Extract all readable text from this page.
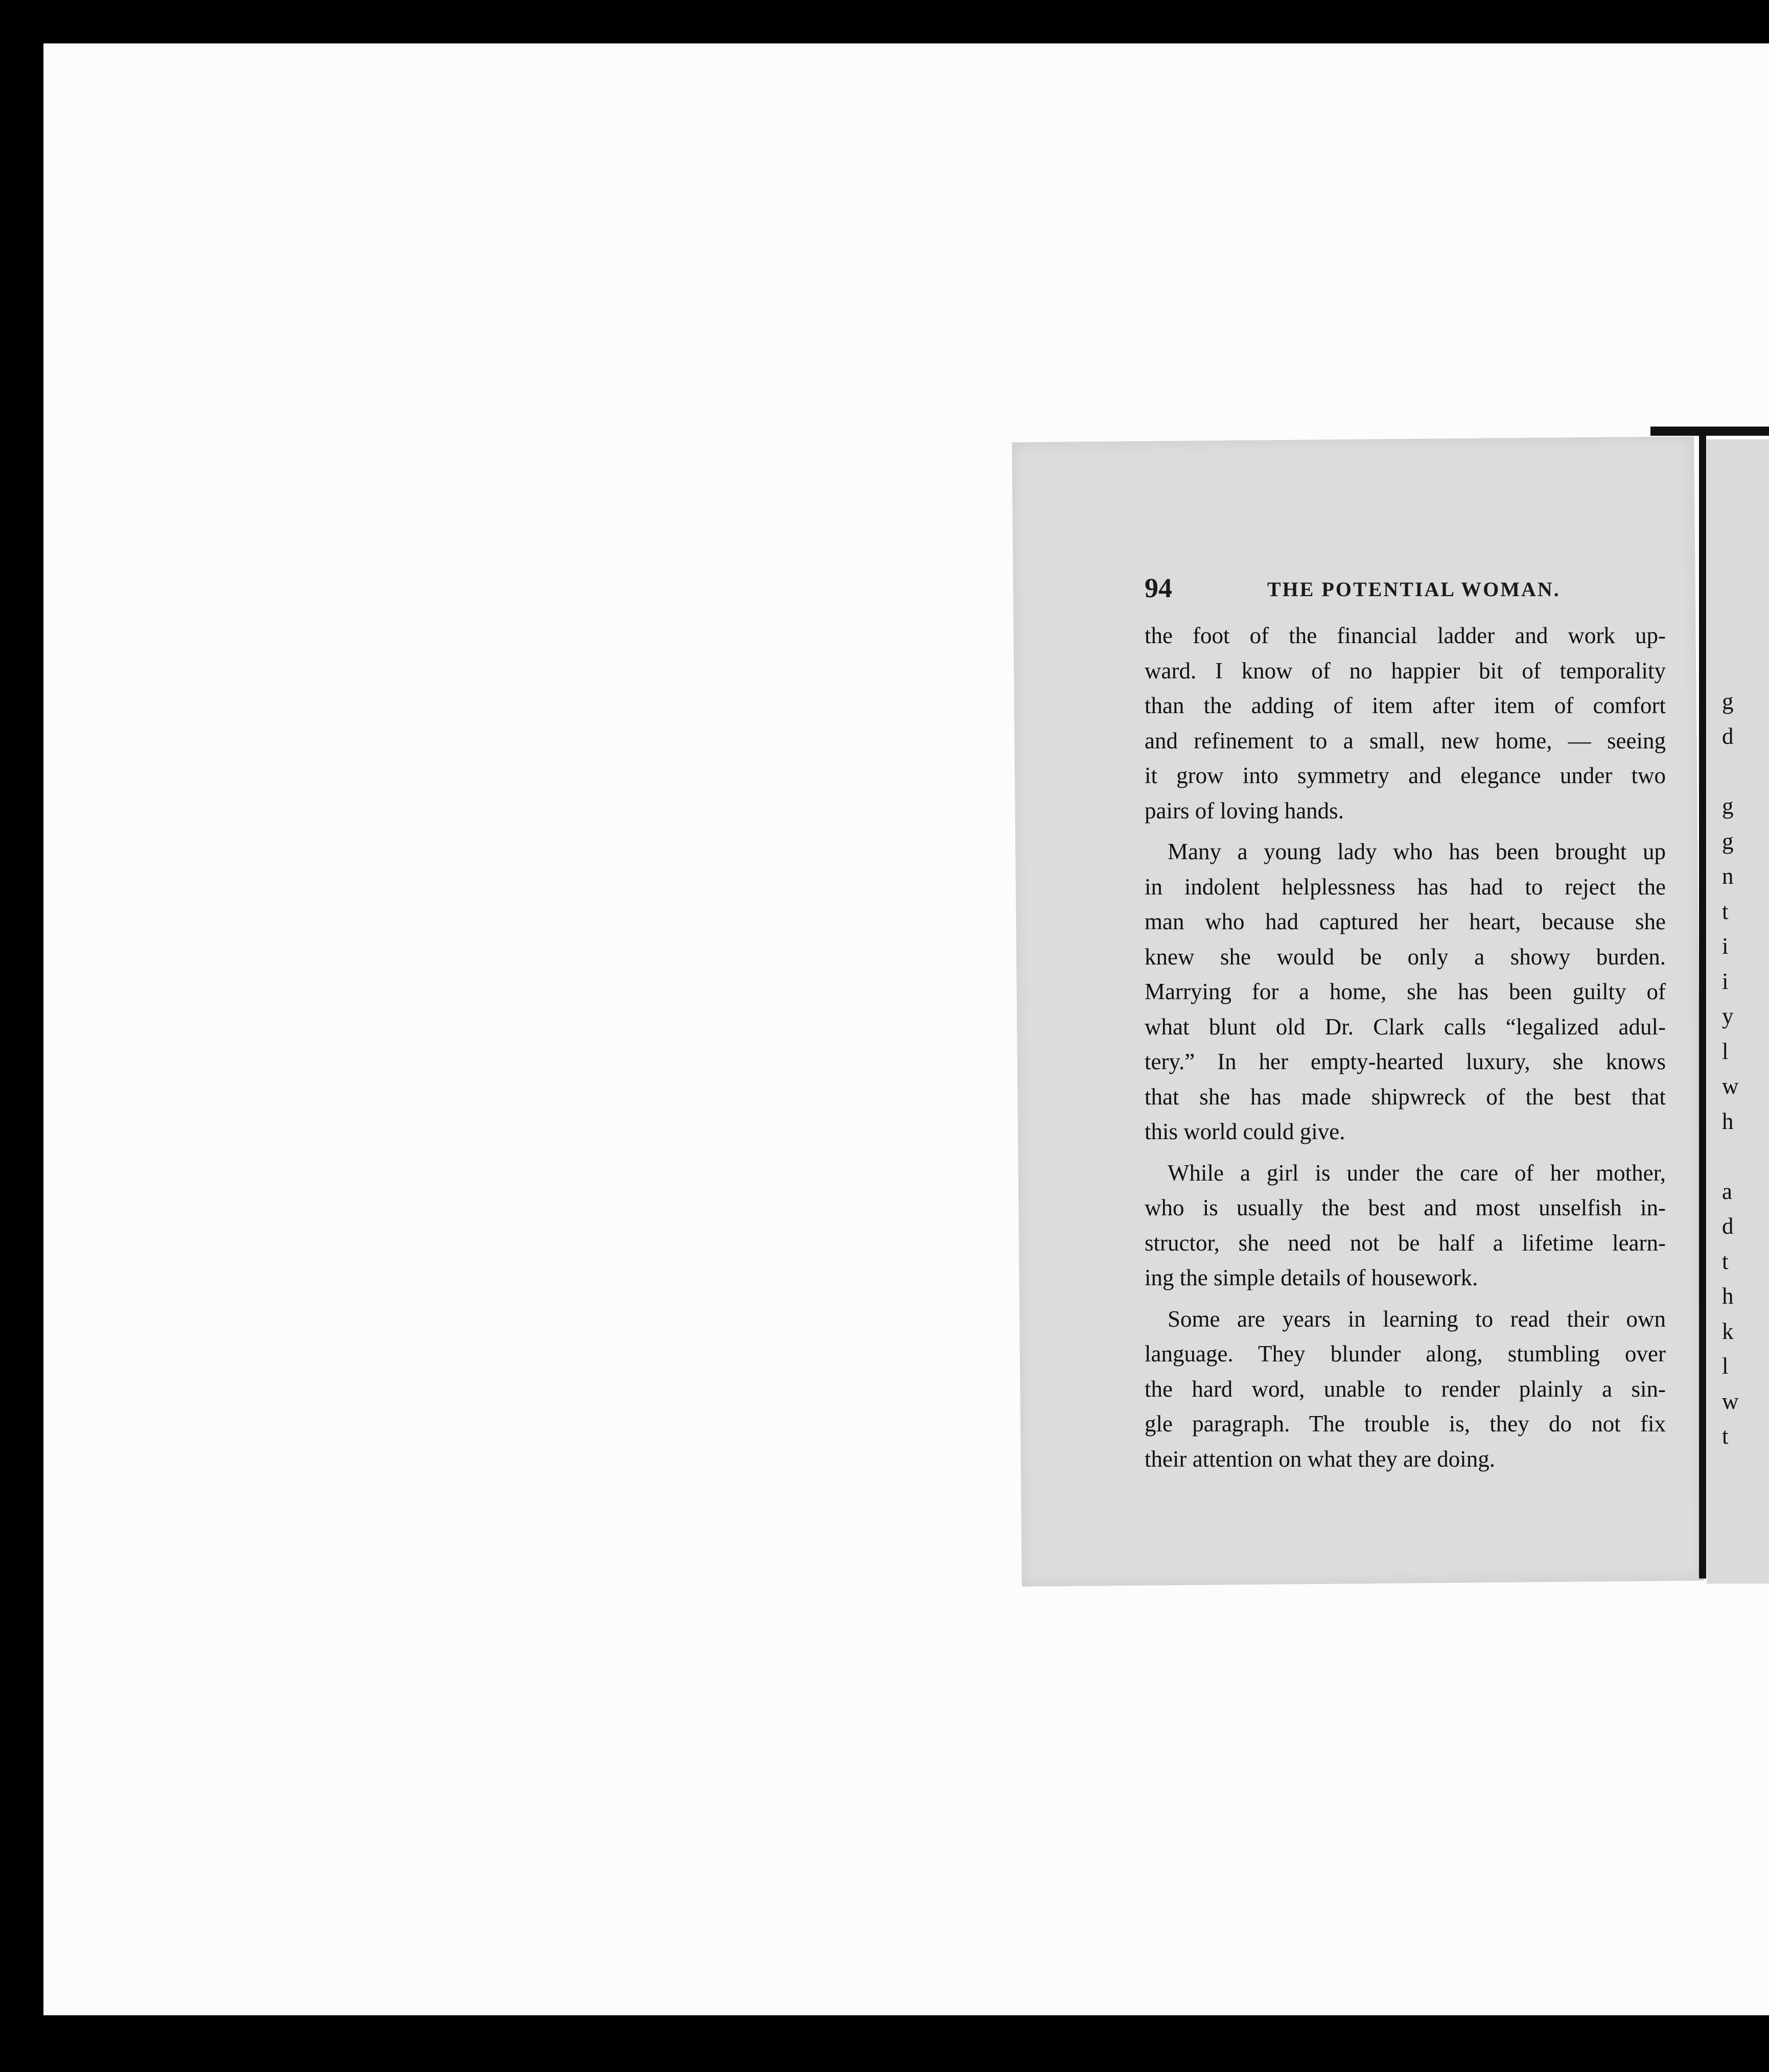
94	THE POTENTIAL WOMAN.
the foot of the financial ladder and work up-
ward. I know of no happier bit of temporality
than the adding of item after item of comfort
and refinement to a small, new home, — seeing
it grow into symmetry and elegance under two
pairs of loving hands.
Many a young lady who has been brought up
in indolent helplessness has had to reject the
man who had captured her heart, because she
knew she would be only a showy burden.
Marrying for a home, she has been guilty of
what blunt old Dr. Clark calls “legalized adul-
tery.” In her empty-hearted luxury, she knows
that she has made shipwreck of the best that
this world could give.
While a girl is under the care of her mother,
who is usually the best and most unselfish in-
structor, she need not be half a lifetime learn-
ing the simple details of housework.
Some are years in learning to read their own
language. They blunder along, stumbling over
the hard word, unable to render plainly a sin-
gle paragraph. The trouble is, they do not fix
their attention on what they are doing.
g
d
g
g
n
t
i
i
y
l
w
h
a
d
t
h
k
l
w
t
